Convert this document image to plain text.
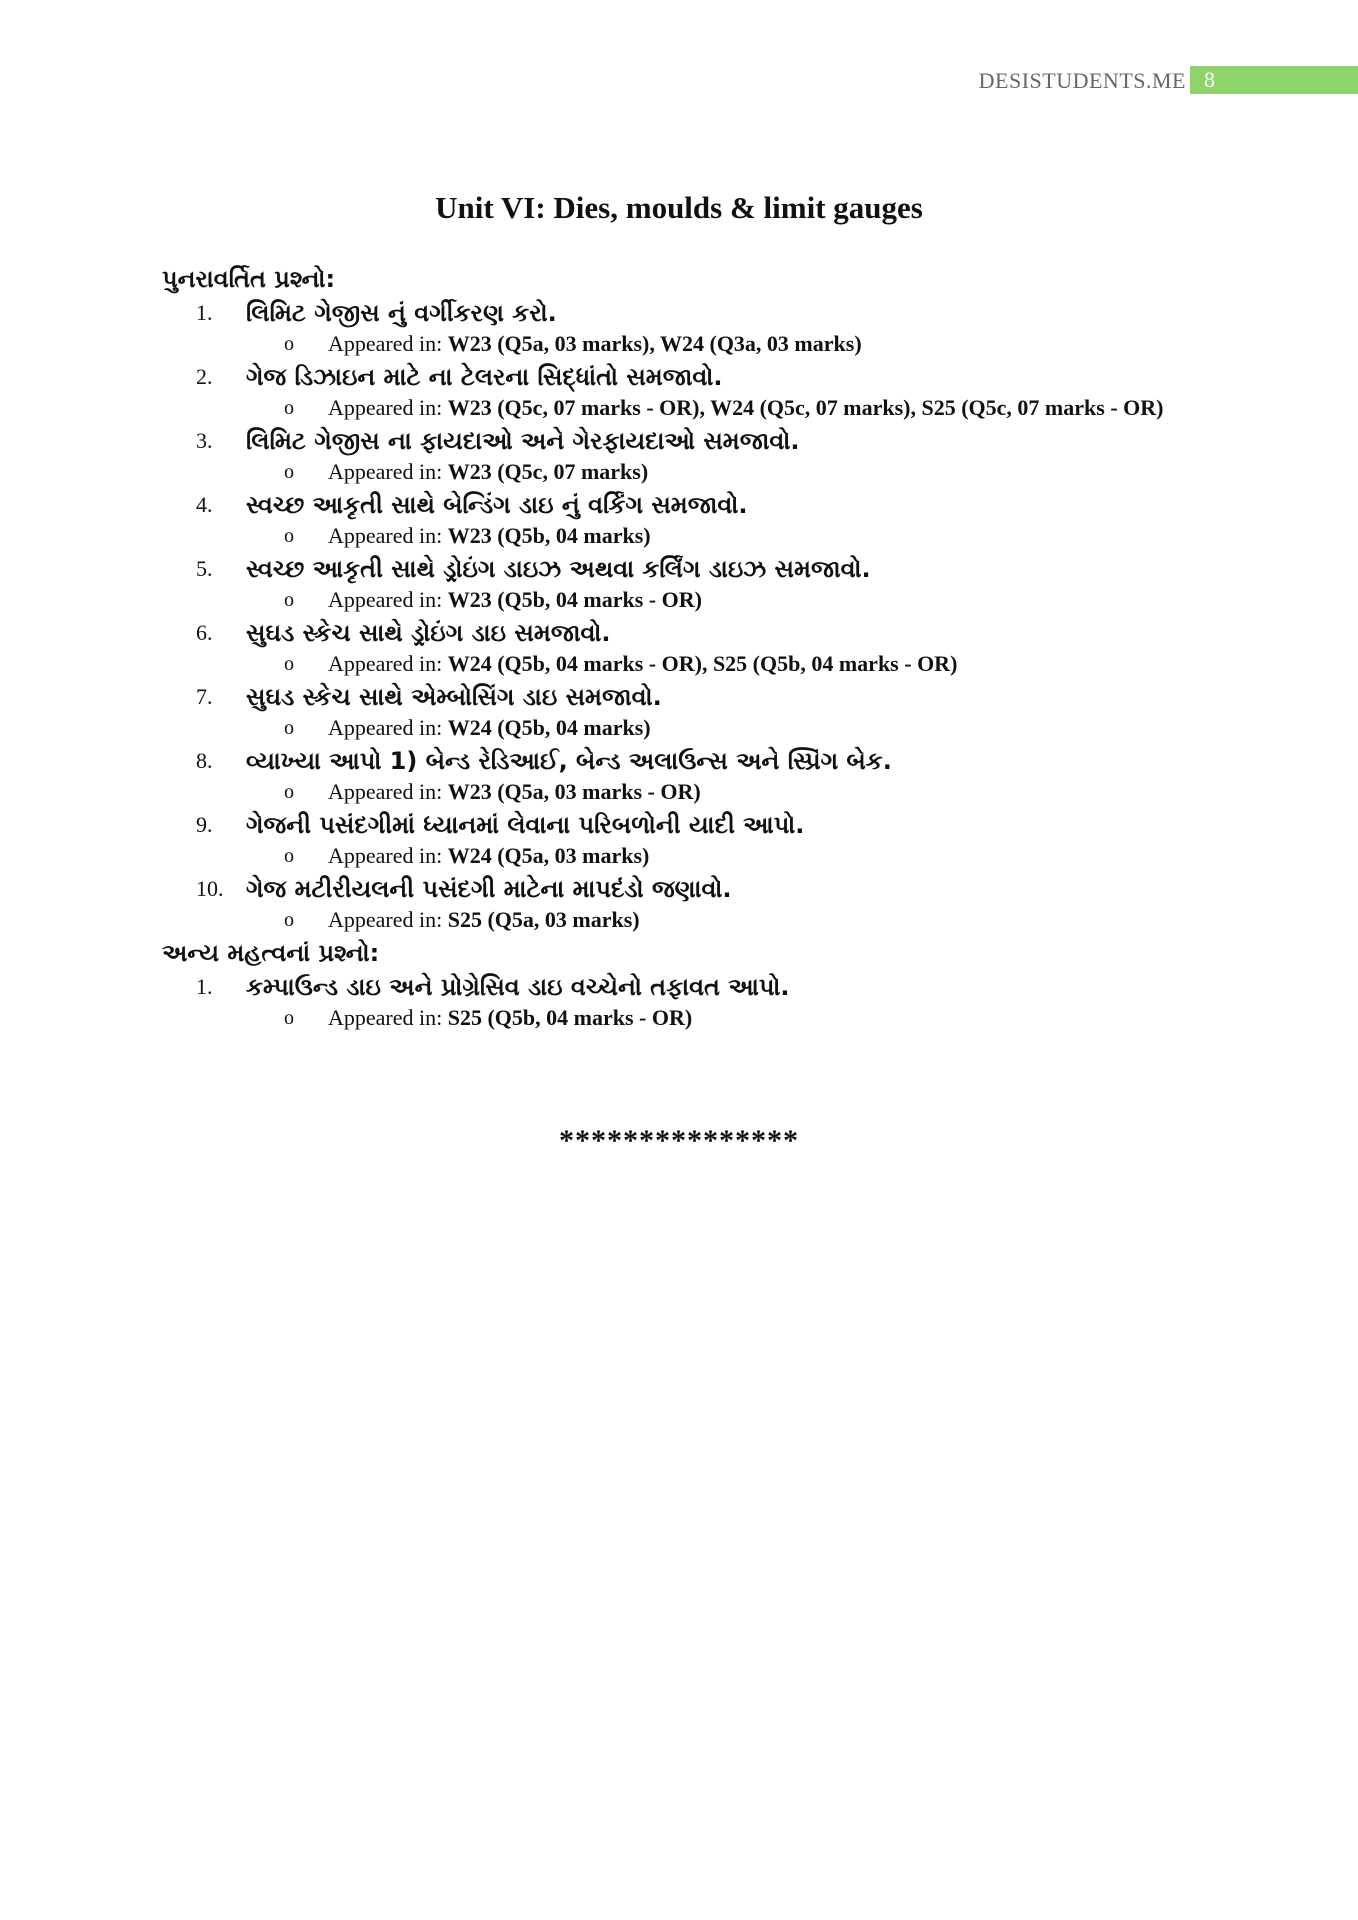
DESISTUDENTS.ME 8
Unit VI: Dies, moulds & limit gauges
પુનરાવર્તિત પ્રશ્નો:
1. લિમિટ ગેજીસ નું વર્ગીકરણ કરો.
o Appeared in: W23 (Q5a, 03 marks), W24 (Q3a, 03 marks)
2. ગેજ ડિઝાઇન માટે ના ટેલરના સિદ્ધાંતો સમજાવો.
o Appeared in: W23 (Q5c, 07 marks - OR), W24 (Q5c, 07 marks), S25 (Q5c, 07 marks - OR)
3. લિમિટ ગેજીસ ના ફાયદાઓ અને ગેરફાયદાઓ સમજાવો.
o Appeared in: W23 (Q5c, 07 marks)
4. સ્વચ્છ આકૃતી સાથે બેન્ડિંગ ડાઇ નું વર્કિંગ સમજાવો.
o Appeared in: W23 (Q5b, 04 marks)
5. સ્વચ્છ આકૃતી સાથે ડ્રોઇંગ ડાઇઝ અથવા કર્લિંગ ડાઇઝ સમજાવો.
o Appeared in: W23 (Q5b, 04 marks - OR)
6. સુઘડ સ્કેચ સાથે ડ્રોઇંગ ડાઇ સમજાવો.
o Appeared in: W24 (Q5b, 04 marks - OR), S25 (Q5b, 04 marks - OR)
7. સુઘડ સ્કેચ સાથે એમ્બોસિંગ ડાઇ સમજાવો.
o Appeared in: W24 (Q5b, 04 marks)
8. વ્યાખ્યા આપો 1) બેન્ડ રેડિઆઈ, બેન્ડ અલાઉન્સ અને સ્પ્રિંગ બેક.
o Appeared in: W23 (Q5a, 03 marks - OR)
9. ગેજની પસંદગીમાં ધ્યાનમાં લેવાના પરિબળોની યાદી આપો.
o Appeared in: W24 (Q5a, 03 marks)
10. ગેજ મટીરીયલની પસંદગી માટેના માપદંડો જણાવો.
o Appeared in: S25 (Q5a, 03 marks)
અન્ય મહત્વનાં પ્રશ્નો:
1. કમ્પાઉન્ડ ડાઇ અને પ્રોગ્રેસિવ ડાઇ વચ્ચેનો તફાવત આપો.
o Appeared in: S25 (Q5b, 04 marks - OR)
***************
